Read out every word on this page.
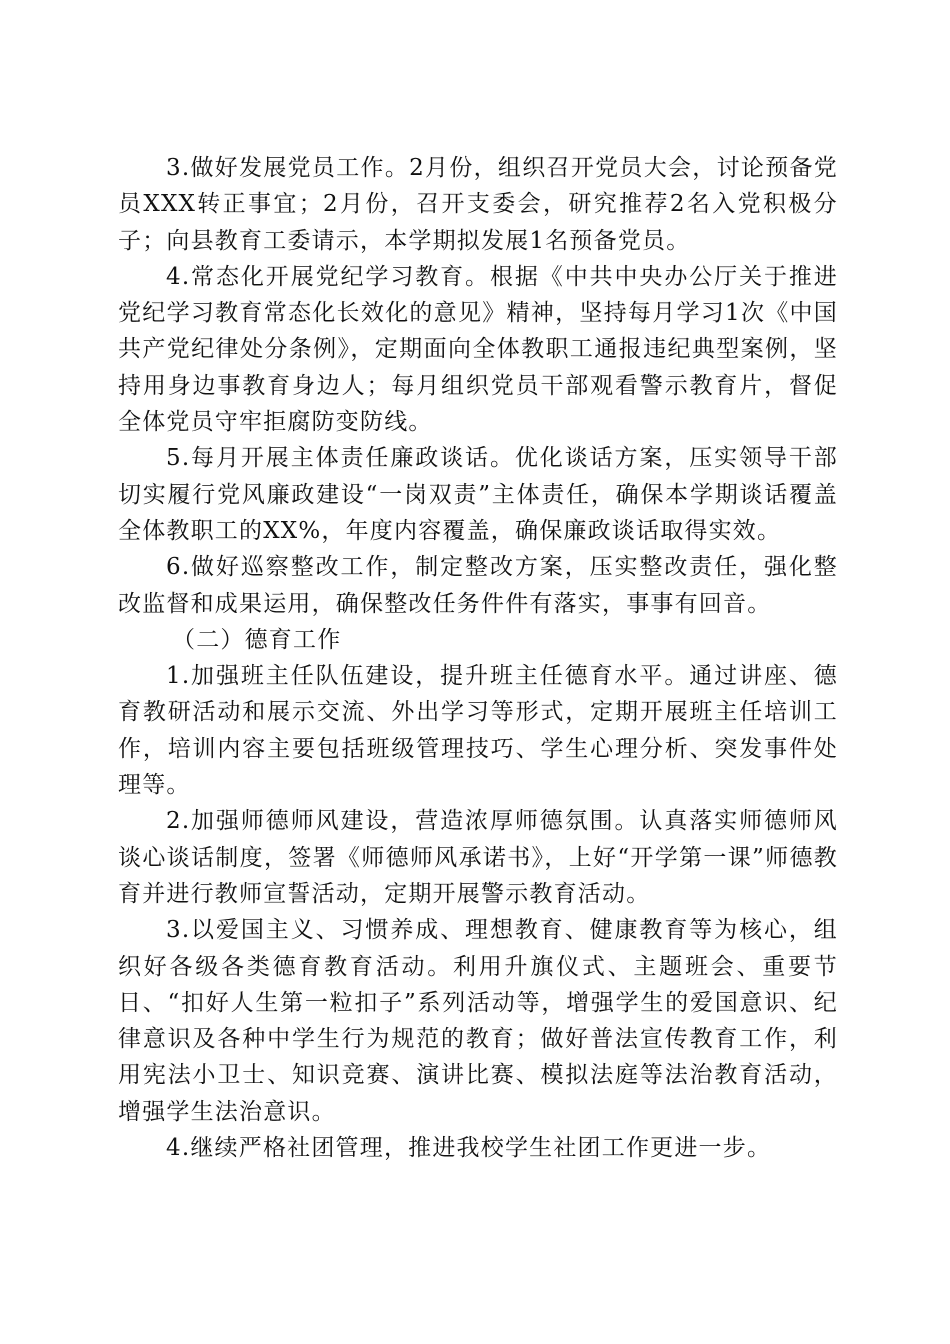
3.做好发展党员工作。2月份，组织召开党员大会，讨论预备党员XXX转正事宜；2月份，召开支委会，研究推荐2名入党积极分子；向县教育工委请示，本学期拟发展1名预备党员。

4.常态化开展党纪学习教育。根据《中共中央办公厅关于推进党纪学习教育常态化长效化的意见》精神，坚持每月学习1次《中国共产党纪律处分条例》，定期面向全体教职工通报违纪典型案例，坚持用身边事教育身边人；每月组织党员干部观看警示教育片，督促全体党员守牢拒腐防变防线。

5.每月开展主体责任廉政谈话。优化谈话方案，压实领导干部切实履行党风廉政建设“一岗双责”主体责任，确保本学期谈话覆盖全体教职工的XX%，年度内容覆盖，确保廉政谈话取得实效。

6.做好巡察整改工作，制定整改方案，压实整改责任，强化整改监督和成果运用，确保整改任务件件有落实，事事有回音。

（二）德育工作

1.加强班主任队伍建设，提升班主任德育水平。通过讲座、德育教研活动和展示交流、外出学习等形式，定期开展班主任培训工作，培训内容主要包括班级管理技巧、学生心理分析、突发事件处理等。

2.加强师德师风建设，营造浓厚师德氛围。认真落实师德师风谈心谈话制度，签署《师德师风承诺书》，上好“开学第一课”师德教育并进行教师宣誓活动，定期开展警示教育活动。

3.以爱国主义、习惯养成、理想教育、健康教育等为核心，组织好各级各类德育教育活动。利用升旗仪式、主题班会、重要节日、“扣好人生第一粒扣子”系列活动等，增强学生的爱国意识、纪律意识及各种中学生行为规范的教育；做好普法宣传教育工作，利用宪法小卫士、知识竞赛、演讲比赛、模拟法庭等法治教育活动，增强学生法治意识。

4.继续严格社团管理，推进我校学生社团工作更进一步。
